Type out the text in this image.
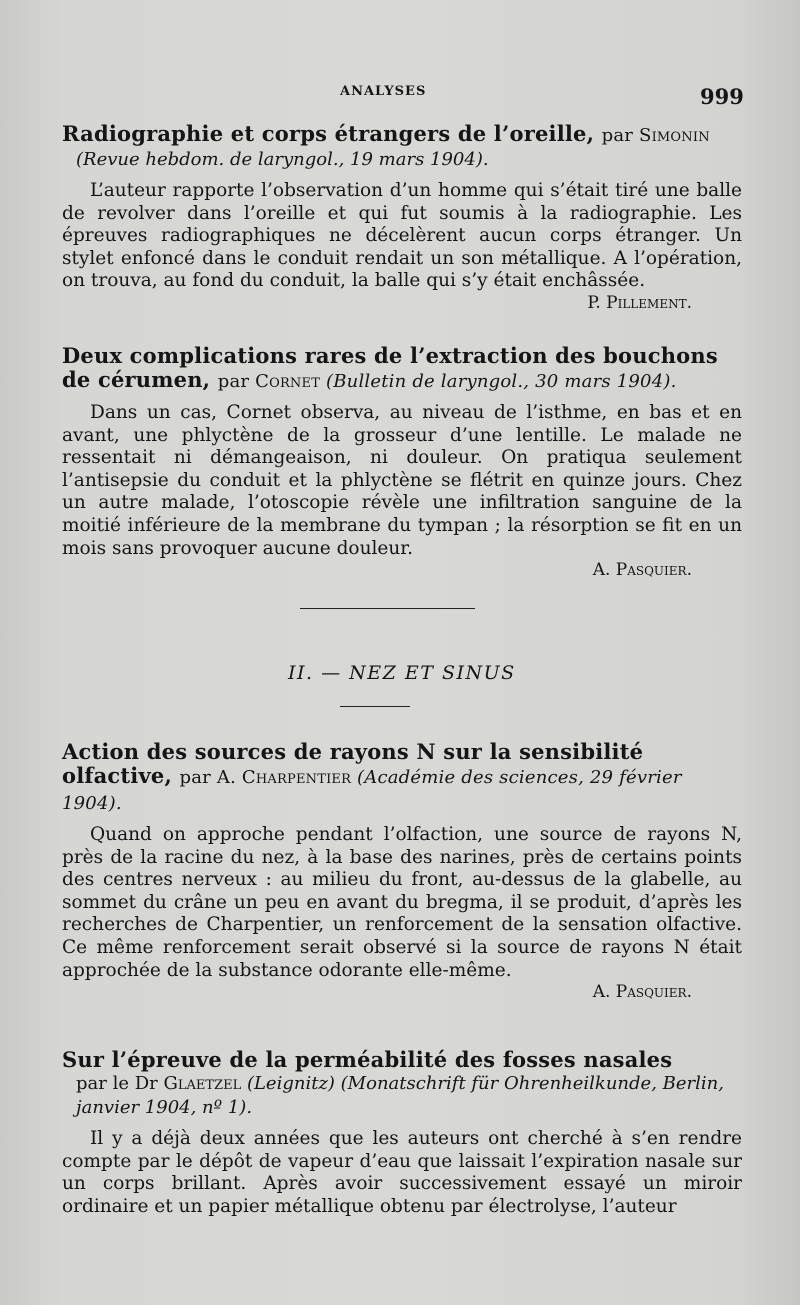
ANALYSES	999

Radiographie et corps étrangers de l’oreille, par Simonin

(Revue hebdom. de laryngol., 19 mars 1904).

L’auteur rapporte l’observation d’un homme qui s’était tiré une balle de revolver dans l’oreille et qui fut soumis à la radiographie. Les épreuves radiographiques ne décelèrent aucun corps étranger. Un stylet enfoncé dans le conduit rendait un son métallique. A l’opération, on trouva, au fond du conduit, la balle qui s’y était enchâssée.

P. Pillement.

Deux complications rares de l’extraction des bouchons de cérumen, par Cornet (Bulletin de laryngol., 30 mars 1904).

Dans un cas, Cornet observa, au niveau de l’isthme, en bas et en avant, une phlyctène de la grosseur d’une lentille. Le malade ne ressentait ni démangeaison, ni douleur. On pratiqua seulement l’antisepsie du conduit et la phlyctène se flétrit en quinze jours. Chez un autre malade, l’otoscopie révèle une infiltration sanguine de la moitié inférieure de la membrane du tympan ; la résorption se fit en un mois sans provoquer aucune douleur.

A. Pasquier.

II. — NEZ ET SINUS

Action des sources de rayons N sur la sensibilité olfactive, par A. Charpentier (Académie des sciences, 29 février 1904).

Quand on approche pendant l’olfaction, une source de rayons N, près de la racine du nez, à la base des narines, près de certains points des centres nerveux : au milieu du front, au-dessus de la glabelle, au sommet du crâne un peu en avant du bregma, il se produit, d’après les recherches de Charpentier, un renforcement de la sensation olfactive. Ce même renforcement serait observé si la source de rayons N était approchée de la substance odorante elle-même.

A. Pasquier.

Sur l’épreuve de la perméabilité des fosses nasales

par le Dr Glaetzel (Leignitz) (Monatschrift für Ohrenheilkunde, Berlin, janvier 1904, nº 1).

Il y a déjà deux années que les auteurs ont cherché à s’en rendre compte par le dépôt de vapeur d’eau que laissait l’expiration nasale sur un corps brillant. Après avoir successivement essayé un miroir ordinaire et un papier métallique obtenu par électrolyse, l’auteur
